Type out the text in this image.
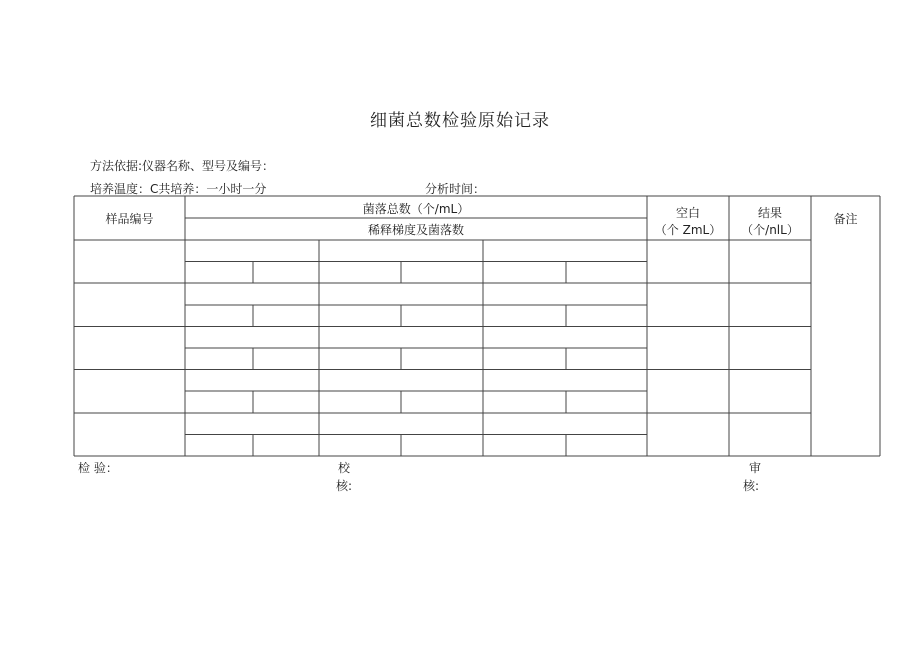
细菌总数检验原始记录
方法依据:仪器名称、型号及编号：
培养温度：C共培养：一小时一分	分析时间：
样品编号
菌落总数（个/mL）
稀释梯度及菌落数
空白
（个 ZmL）
结果
（个/nlL）
备注
检 验：	校
核:
审
核:
